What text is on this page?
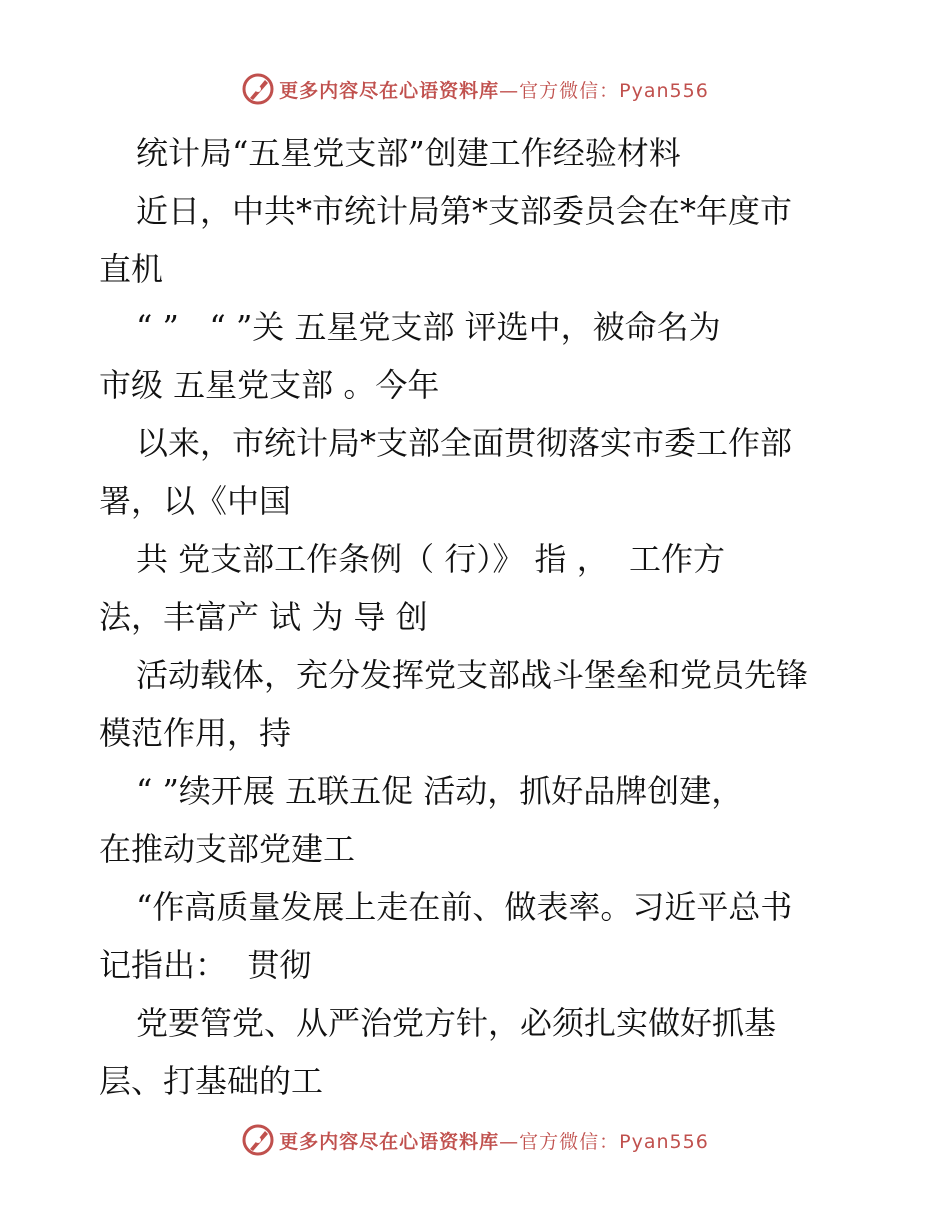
更多内容尽在心语资料库—官方微信：Pyan556
统计局“五星党支部”创建工作经验材料
近日，中共*市统计局第*支部委员会在*年度市
直机
“ ”   “ ”关 五星党支部 评选中，被命名为
市级 五星党支部 。今年
以来，市统计局*支部全面贯彻落实市委工作部
署，以《中国
共 党支部工作条例（ 行）》 指 ，  工作方
法，丰富产 试 为 导 创
活动载体，充分发挥党支部战斗堡垒和党员先锋
模范作用，持
“ ”续开展 五联五促 活动，抓好品牌创建，
在推动支部党建工
“作高质量发展上走在前、做表率。习近平总书
记指出：  贯彻
党要管党、从严治党方针，必须扎实做好抓基
层、打基础的工
更多内容尽在心语资料库—官方微信：Pyan556
